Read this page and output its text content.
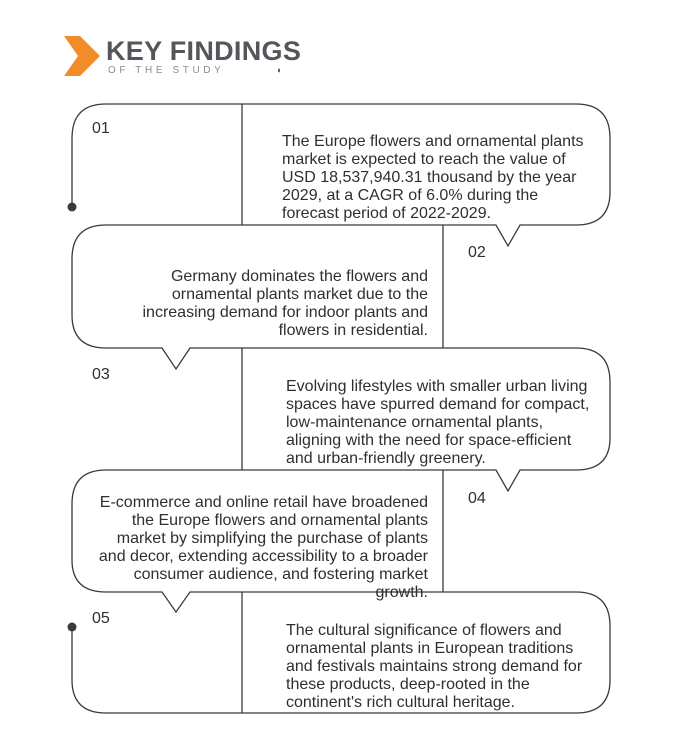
KEY FINDINGS
OF THE STUDY	◖
01
The Europe flowers and ornamental plants market is expected to reach the value of USD 18,537,940.31 thousand by the year 2029, at a CAGR of 6.0% during the forecast period of 2022-2029.
Germany dominates the flowers and ornamental plants market due to the increasing demand for indoor plants and flowers in residential.
02
03
Evolving lifestyles with smaller urban living spaces have spurred demand for compact, low-maintenance ornamental plants, aligning with the need for space-efficient and urban-friendly greenery.
E-commerce and online retail have broadened the Europe flowers and ornamental plants market by simplifying the purchase of plants and decor, extending accessibility to a broader consumer audience, and fostering market growth.
04
05
The cultural significance of flowers and ornamental plants in European traditions and festivals maintains strong demand for these products, deep-rooted in the continent's rich cultural heritage.
